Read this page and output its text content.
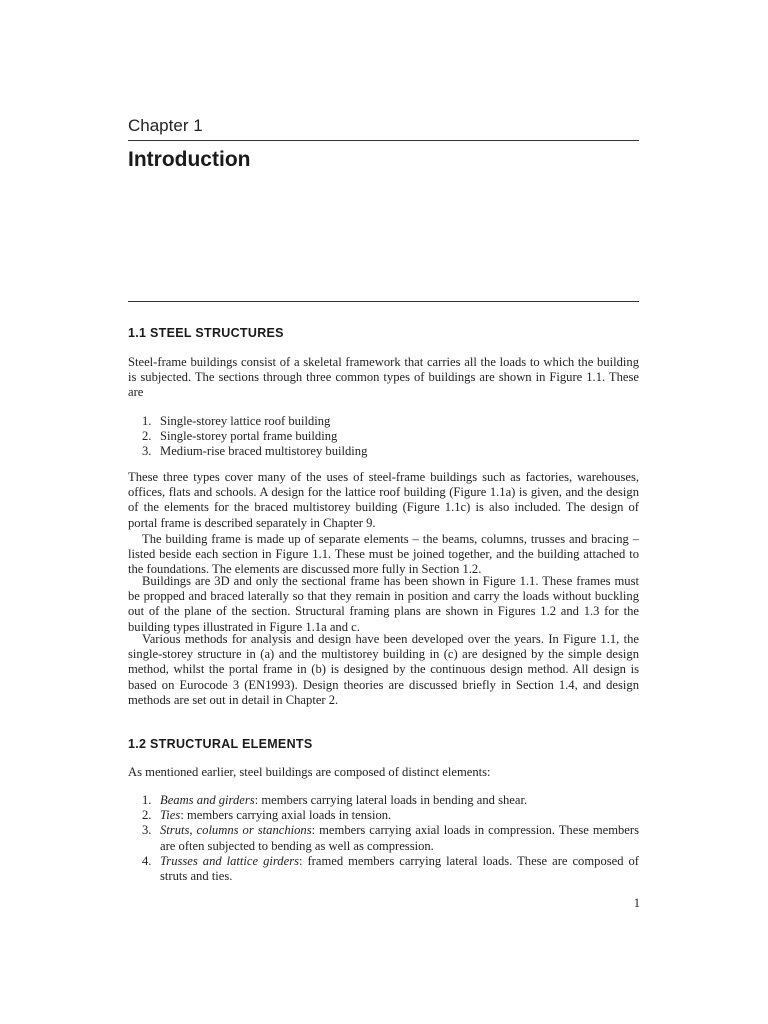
Chapter 1
Introduction
1.1 STEEL STRUCTURES

Steel-frame buildings consist of a skeletal framework that carries all the loads to which the building is subjected. The sections through three common types of buildings are shown in Figure 1.1. These are

1. Single-storey lattice roof building
2. Single-storey portal frame building
3. Medium-rise braced multistorey building

These three types cover many of the uses of steel-frame buildings such as factories, warehouses, offices, flats and schools. A design for the lattice roof building (Figure 1.1a) is given, and the design of the elements for the braced multistorey building (Figure 1.1c) is also included. The design of portal frame is described separately in Chapter 9.

The building frame is made up of separate elements – the beams, columns, trusses and bracing – listed beside each section in Figure 1.1. These must be joined together, and the building attached to the foundations. The elements are discussed more fully in Section 1.2.

Buildings are 3D and only the sectional frame has been shown in Figure 1.1. These frames must be propped and braced laterally so that they remain in position and carry the loads without buckling out of the plane of the section. Structural framing plans are shown in Figures 1.2 and 1.3 for the building types illustrated in Figure 1.1a and c.

Various methods for analysis and design have been developed over the years. In Figure 1.1, the single-storey structure in (a) and the multistorey building in (c) are designed by the simple design method, whilst the portal frame in (b) is designed by the continuous design method. All design is based on Eurocode 3 (EN1993). Design theories are discussed briefly in Section 1.4, and design methods are set out in detail in Chapter 2.

1.2 STRUCTURAL ELEMENTS

As mentioned earlier, steel buildings are composed of distinct elements:

1. Beams and girders: members carrying lateral loads in bending and shear.
2. Ties: members carrying axial loads in tension.
3. Struts, columns or stanchions: members carrying axial loads in compression. These members are often subjected to bending as well as compression.
4. Trusses and lattice girders: framed members carrying lateral loads. These are composed of struts and ties.
1
